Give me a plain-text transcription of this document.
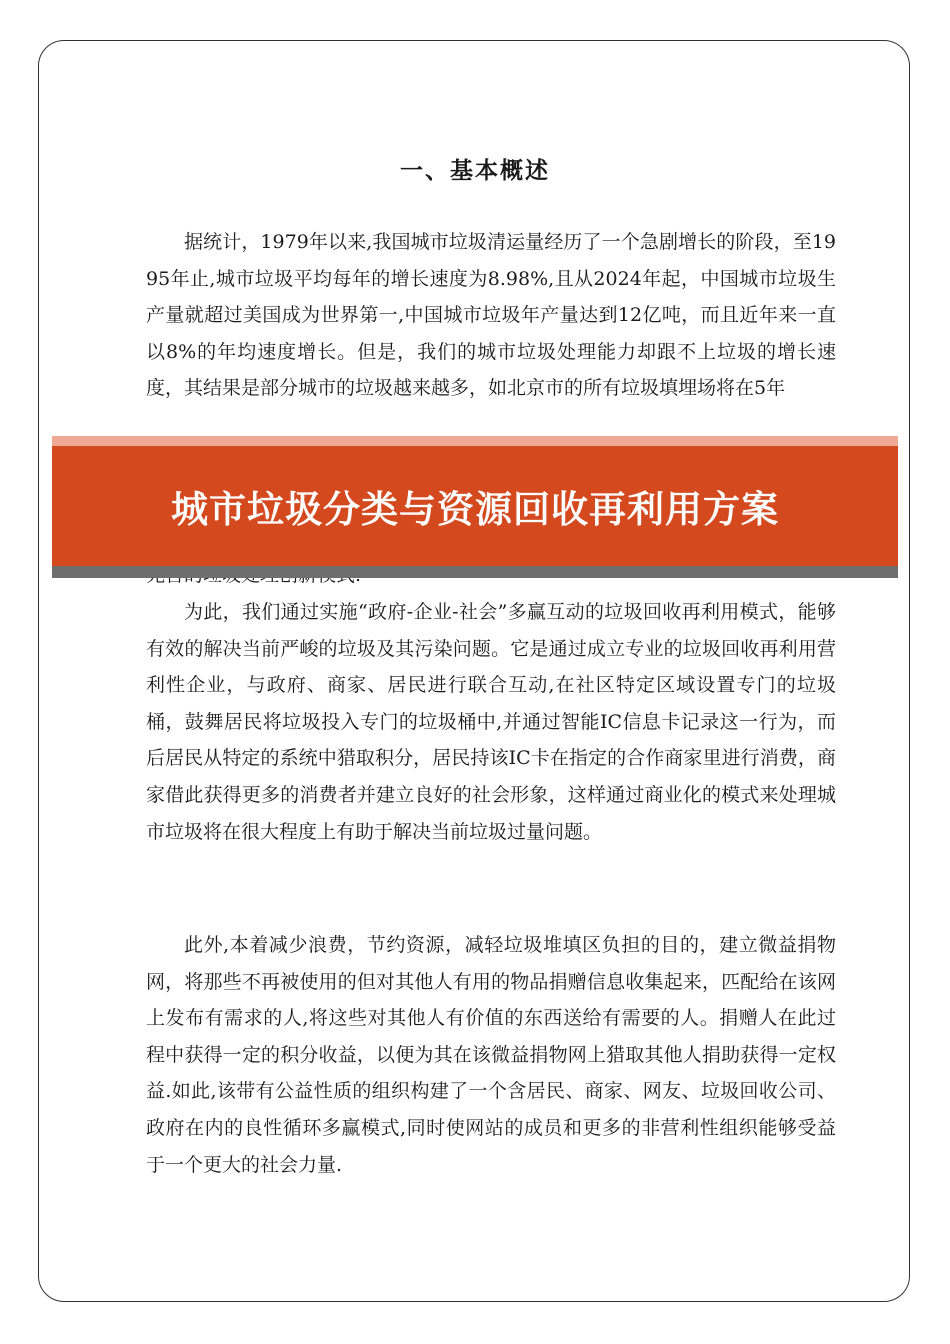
一、基本概述

据统计，1979年以来,我国城市垃圾清运量经历了一个急剧增长的阶段，至1995年止,城市垃圾平均每年的增长速度为8.98%,且从2024年起，中国城市垃圾生产量就超过美国成为世界第一,中国城市垃圾年产量达到12亿吨，而且近年来一直以8%的年均速度增长。但是，我们的城市垃圾处理能力却跟不上垃圾的增长速度，其结果是部分城市的垃圾越来越多，如北京市的所有垃圾填埋场将在5年

为此，我们通过实施“政府-企业-社会”多赢互动的垃圾回收再利用模式，能够有效的解决当前严峻的垃圾及其污染问题。它是通过成立专业的垃圾回收再利用营利性企业，与政府、商家、居民进行联合互动,在社区特定区域设置专门的垃圾桶，鼓舞居民将垃圾投入专门的垃圾桶中,并通过智能IC信息卡记录这一行为，而后居民从特定的系统中猎取积分，居民持该IC卡在指定的合作商家里进行消费，商家借此获得更多的消费者并建立良好的社会形象，这样通过商业化的模式来处理城市垃圾将在很大程度上有助于解决当前垃圾过量问题。

此外,本着减少浪费，节约资源，减轻垃圾堆填区负担的目的，建立微益捐物网，将那些不再被使用的但对其他人有用的物品捐赠信息收集起来，匹配给在该网上发布有需求的人,将这些对其他人有价值的东西送给有需要的人。捐赠人在此过程中获得一定的积分收益，以便为其在该微益捐物网上猎取其他人捐助获得一定权益.如此,该带有公益性质的组织构建了一个含居民、商家、网友、垃圾回收公司、政府在内的良性循环多赢模式,同时使网站的成员和更多的非营利性组织能够受益于一个更大的社会力量.

城市垃圾分类与资源回收再利用方案
